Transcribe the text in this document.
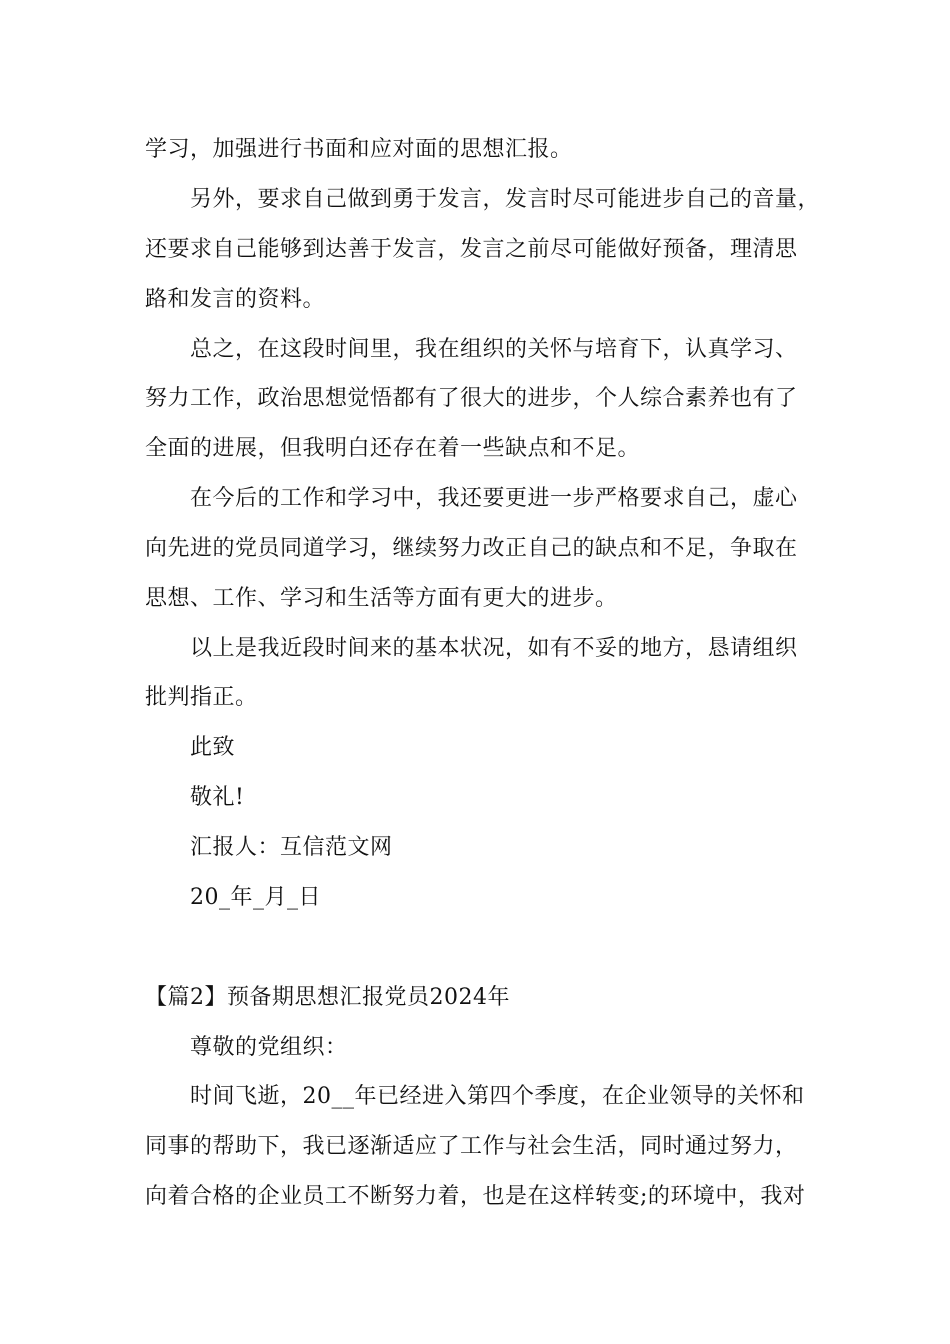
学习，加强进行书面和应对面的思想汇报。
另外，要求自己做到勇于发言，发言时尽可能进步自己的音量，
还要求自己能够到达善于发言，发言之前尽可能做好预备，理清思
路和发言的资料。
总之，在这段时间里，我在组织的关怀与培育下，认真学习、
努力工作，政治思想觉悟都有了很大的进步，个人综合素养也有了
全面的进展，但我明白还存在着一些缺点和不足。
在今后的工作和学习中，我还要更进一步严格要求自己，虚心
向先进的党员同道学习，继续努力改正自己的缺点和不足，争取在
思想、工作、学习和生活等方面有更大的进步。
以上是我近段时间来的基本状况，如有不妥的地方，恳请组织
批判指正。
此致
敬礼!
汇报人：互信范文网
20_年_月_日
【篇2】预备期思想汇报党员2024年
尊敬的党组织：
时间飞逝，20__年已经进入第四个季度，在企业领导的关怀和
同事的帮助下，我已逐渐适应了工作与社会生活，同时通过努力，
向着合格的企业员工不断努力着，也是在这样转变;的环境中，我对
